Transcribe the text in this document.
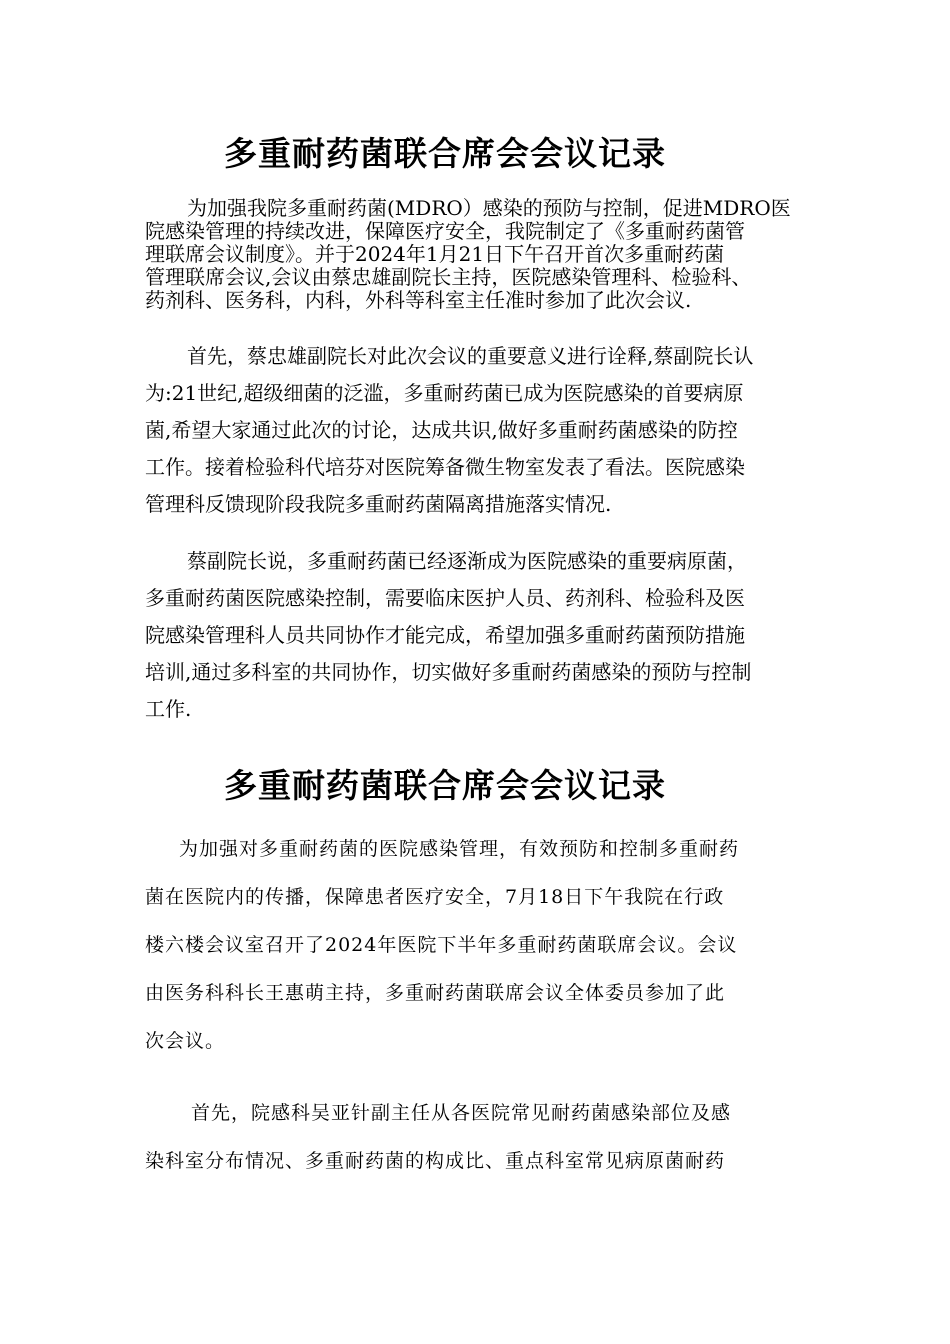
多重耐药菌联合席会会议记录
为加强我院多重耐药菌(MDRO）感染的预防与控制，促进MDRO医
院感染管理的持续改进，保障医疗安全，我院制定了《多重耐药菌管
理联席会议制度》。并于2024年1月21日下午召开首次多重耐药菌
管理联席会议,会议由蔡忠雄副院长主持，医院感染管理科、检验科、
药剂科、医务科，内科，外科等科室主任准时参加了此次会议.
首先，蔡忠雄副院长对此次会议的重要意义进行诠释,蔡副院长认
为:21世纪,超级细菌的泛滥，多重耐药菌已成为医院感染的首要病原
菌,希望大家通过此次的讨论，达成共识,做好多重耐药菌感染的防控
工作。接着检验科代培芬对医院筹备微生物室发表了看法。医院感染
管理科反馈现阶段我院多重耐药菌隔离措施落实情况.
蔡副院长说，多重耐药菌已经逐渐成为医院感染的重要病原菌，
多重耐药菌医院感染控制，需要临床医护人员、药剂科、检验科及医
院感染管理科人员共同协作才能完成，希望加强多重耐药菌预防措施
培训,通过多科室的共同协作，切实做好多重耐药菌感染的预防与控制
工作.
多重耐药菌联合席会会议记录
为加强对多重耐药菌的医院感染管理，有效预防和控制多重耐药
菌在医院内的传播，保障患者医疗安全，7月18日下午我院在行政
楼六楼会议室召开了2024年医院下半年多重耐药菌联席会议。会议
由医务科科长王惠萌主持，多重耐药菌联席会议全体委员参加了此
次会议。
首先，院感科吴亚针副主任从各医院常见耐药菌感染部位及感
染科室分布情况、多重耐药菌的构成比、重点科室常见病原菌耐药
